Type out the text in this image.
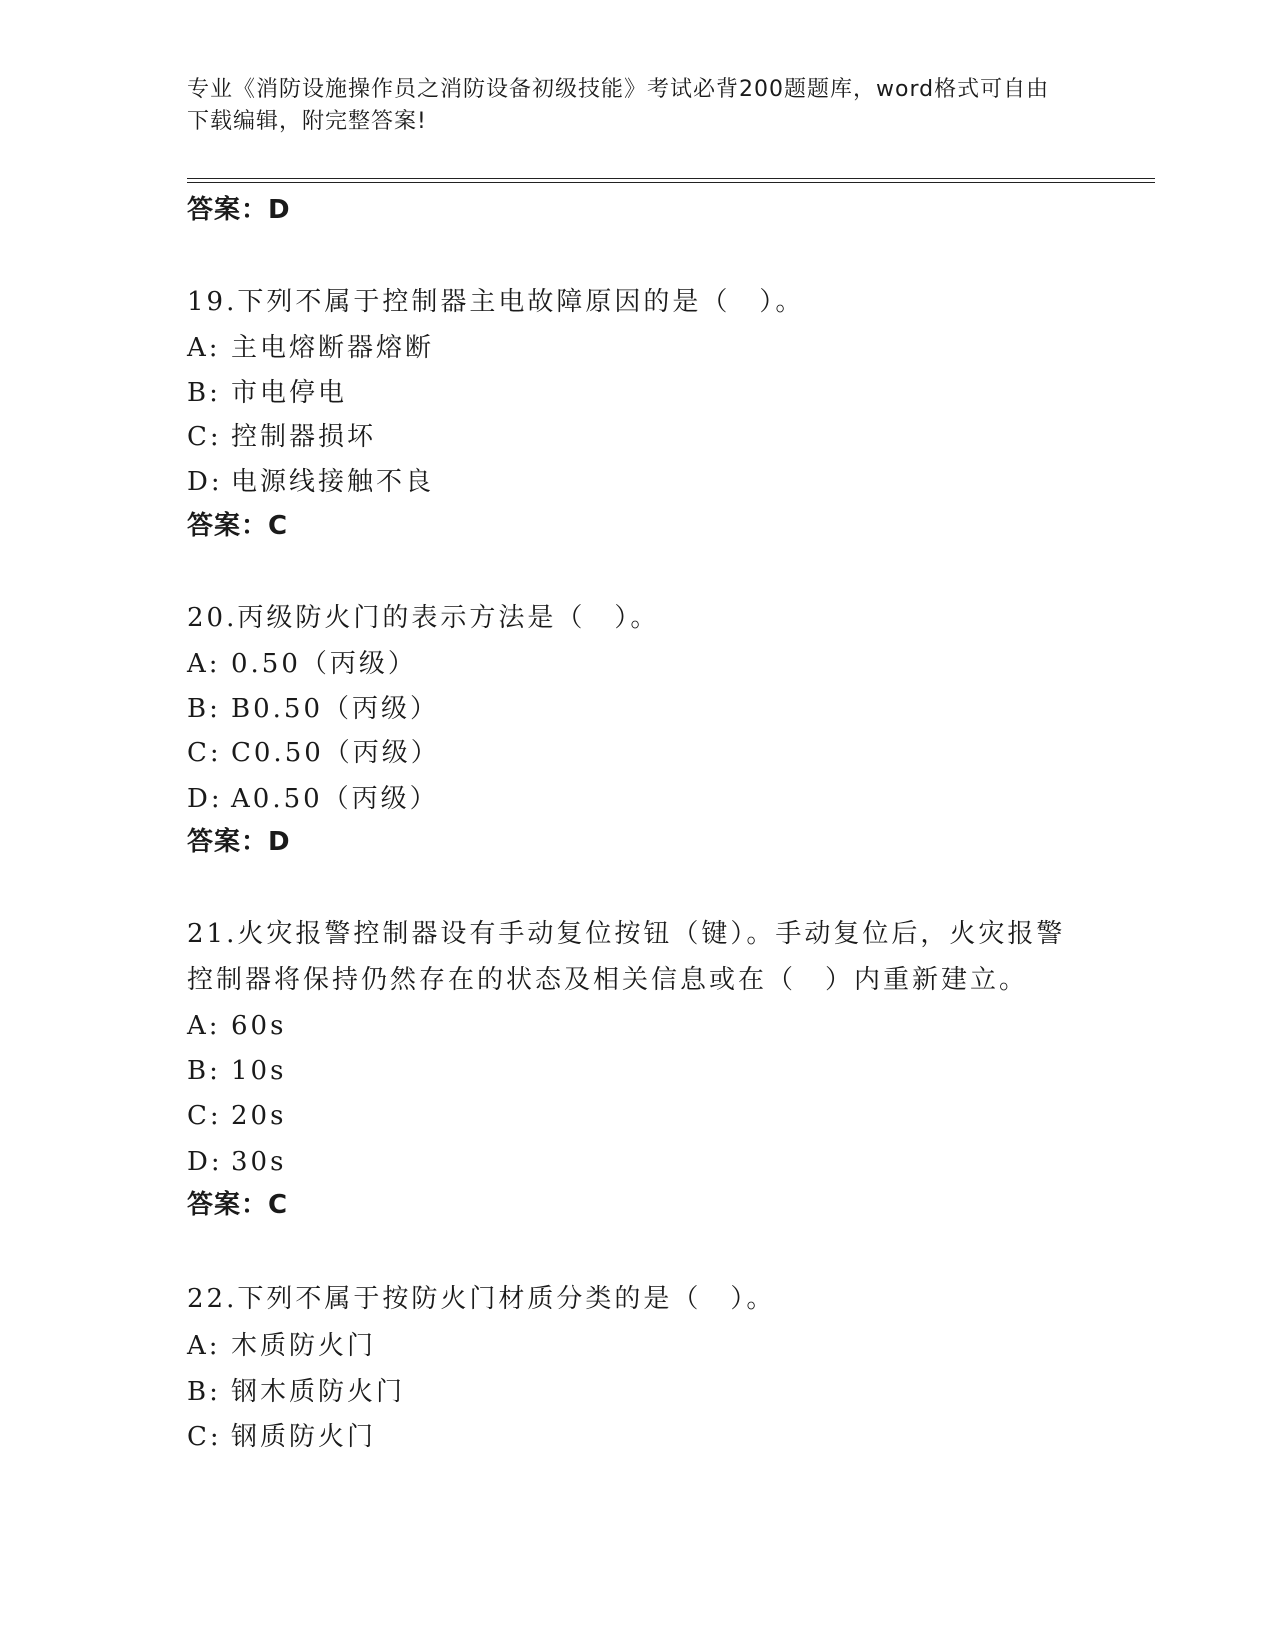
专业《消防设施操作员之消防设备初级技能》考试必背200题题库，word格式可自由下载编辑，附完整答案!
答案：D
19.下列不属于控制器主电故障原因的是（　）。
A: 主电熔断器熔断
B: 市电停电
C: 控制器损坏
D: 电源线接触不良
答案：C
20.丙级防火门的表示方法是（　）。
A: 0.50（丙级）
B: B0.50（丙级）
C: C0.50（丙级）
D: A0.50（丙级）
答案：D
21.火灾报警控制器设有手动复位按钮（键）。手动复位后，火灾报警控制器将保持仍然存在的状态及相关信息或在（　）内重新建立。
A: 60s
B: 10s
C: 20s
D: 30s
答案：C
22.下列不属于按防火门材质分类的是（　）。
A: 木质防火门
B: 钢木质防火门
C: 钢质防火门
